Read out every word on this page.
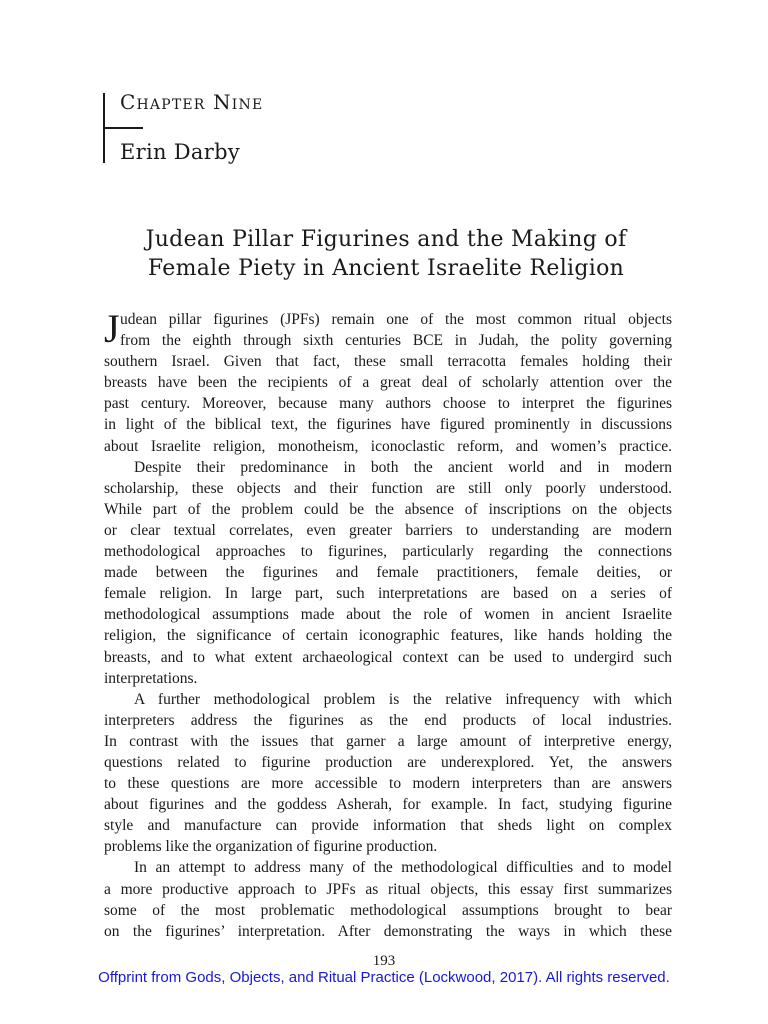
Chapter Nine
Erin Darby
Judean Pillar Figurines and the Making of
Female Piety in Ancient Israelite Religion
J udean pillar figurines (JPFs) remain one of the most common ritual objects
from the eighth through sixth centuries BCE in Judah, the polity governing
southern Israel. Given that fact, these small terracotta females holding their
breasts have been the recipients of a great deal of scholarly attention over the
past century. Moreover, because many authors choose to interpret the figurines
in light of the biblical text, the figurines have figured prominently in discussions
about Israelite religion, monotheism, iconoclastic reform, and women’s practice.
Despite their predominance in both the ancient world and in modern
scholarship, these objects and their function are still only poorly understood.
While part of the problem could be the absence of inscriptions on the objects
or clear textual correlates, even greater barriers to understanding are modern
methodological approaches to figurines, particularly regarding the connections
made between the figurines and female practitioners, female deities, or
female religion. In large part, such interpretations are based on a series of
methodological assumptions made about the role of women in ancient Israelite
religion, the significance of certain iconographic features, like hands holding the
breasts, and to what extent archaeological context can be used to undergird such
interpretations.
A further methodological problem is the relative infrequency with which
interpreters address the figurines as the end products of local industries.
In contrast with the issues that garner a large amount of interpretive energy,
questions related to figurine production are underexplored. Yet, the answers
to these questions are more accessible to modern interpreters than are answers
about figurines and the goddess Asherah, for example. In fact, studying figurine
style and manufacture can provide information that sheds light on complex
problems like the organization of figurine production.
In an attempt to address many of the methodological difficulties and to model
a more productive approach to JPFs as ritual objects, this essay first summarizes
some of the most problematic methodological assumptions brought to bear
on the figurines’ interpretation. After demonstrating the ways in which these
193
Offprint from Gods, Objects, and Ritual Practice (Lockwood, 2017). All rights reserved.
